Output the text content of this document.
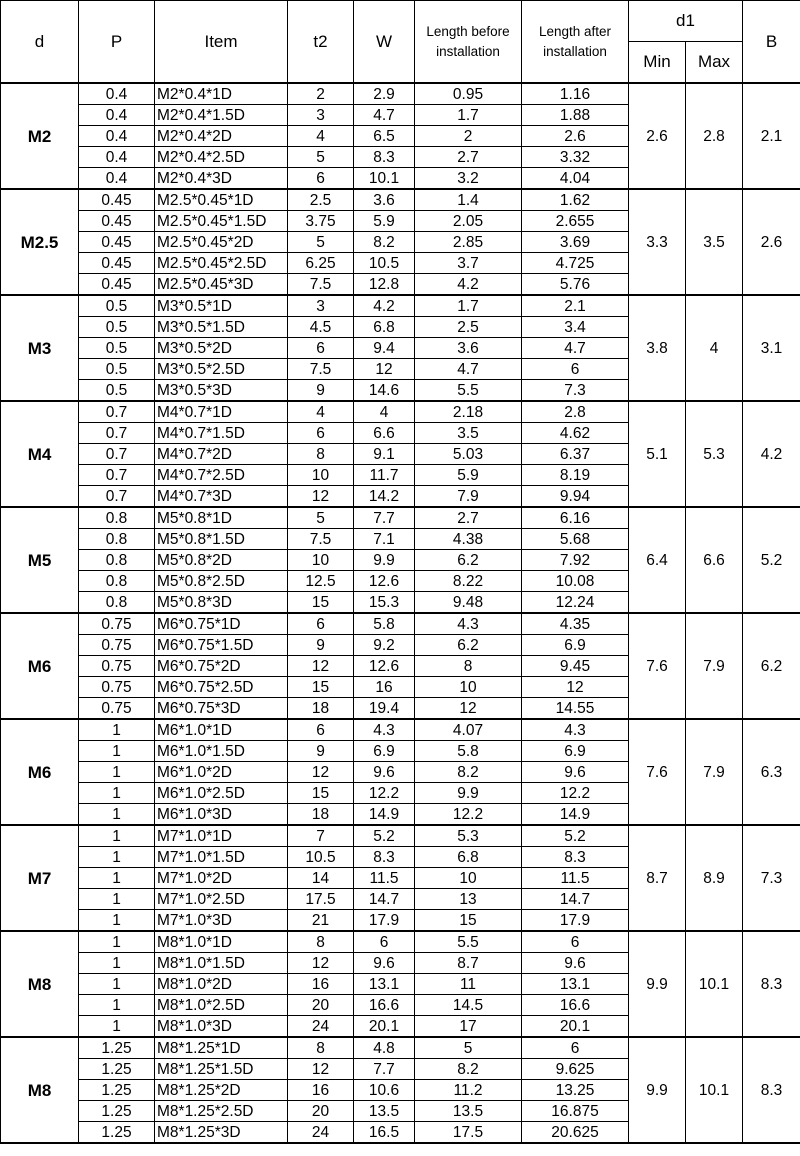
d	P	Item	t2	W	Length before installation	Length after installation	d1		B
							Min	Max	
M2	0.4	M2*0.4*1D	2	2.9	0.95	1.16	2.6	2.8	2.1
	0.4	M2*0.4*1.5D	3	4.7	1.7	1.88			
	0.4	M2*0.4*2D	4	6.5	2	2.6			
	0.4	M2*0.4*2.5D	5	8.3	2.7	3.32			
	0.4	M2*0.4*3D	6	10.1	3.2	4.04			
M2.5	0.45	M2.5*0.45*1D	2.5	3.6	1.4	1.62	3.3	3.5	2.6
	0.45	M2.5*0.45*1.5D	3.75	5.9	2.05	2.655			
	0.45	M2.5*0.45*2D	5	8.2	2.85	3.69			
	0.45	M2.5*0.45*2.5D	6.25	10.5	3.7	4.725			
	0.45	M2.5*0.45*3D	7.5	12.8	4.2	5.76			
M3	0.5	M3*0.5*1D	3	4.2	1.7	2.1	3.8	4	3.1
	0.5	M3*0.5*1.5D	4.5	6.8	2.5	3.4			
	0.5	M3*0.5*2D	6	9.4	3.6	4.7			
	0.5	M3*0.5*2.5D	7.5	12	4.7	6			
	0.5	M3*0.5*3D	9	14.6	5.5	7.3			
M4	0.7	M4*0.7*1D	4	4	2.18	2.8	5.1	5.3	4.2
	0.7	M4*0.7*1.5D	6	6.6	3.5	4.62			
	0.7	M4*0.7*2D	8	9.1	5.03	6.37			
	0.7	M4*0.7*2.5D	10	11.7	5.9	8.19			
	0.7	M4*0.7*3D	12	14.2	7.9	9.94			
M5	0.8	M5*0.8*1D	5	7.7	2.7	6.16	6.4	6.6	5.2
	0.8	M5*0.8*1.5D	7.5	7.1	4.38	5.68			
	0.8	M5*0.8*2D	10	9.9	6.2	7.92			
	0.8	M5*0.8*2.5D	12.5	12.6	8.22	10.08			
	0.8	M5*0.8*3D	15	15.3	9.48	12.24			
M6	0.75	M6*0.75*1D	6	5.8	4.3	4.35	7.6	7.9	6.2
	0.75	M6*0.75*1.5D	9	9.2	6.2	6.9			
	0.75	M6*0.75*2D	12	12.6	8	9.45			
	0.75	M6*0.75*2.5D	15	16	10	12			
	0.75	M6*0.75*3D	18	19.4	12	14.55			
M6	1	M6*1.0*1D	6	4.3	4.07	4.3	7.6	7.9	6.3
	1	M6*1.0*1.5D	9	6.9	5.8	6.9			
	1	M6*1.0*2D	12	9.6	8.2	9.6			
	1	M6*1.0*2.5D	15	12.2	9.9	12.2			
	1	M6*1.0*3D	18	14.9	12.2	14.9			
M7	1	M7*1.0*1D	7	5.2	5.3	5.2	8.7	8.9	7.3
	1	M7*1.0*1.5D	10.5	8.3	6.8	8.3			
	1	M7*1.0*2D	14	11.5	10	11.5			
	1	M7*1.0*2.5D	17.5	14.7	13	14.7			
	1	M7*1.0*3D	21	17.9	15	17.9			
M8	1	M8*1.0*1D	8	6	5.5	6	9.9	10.1	8.3
	1	M8*1.0*1.5D	12	9.6	8.7	9.6			
	1	M8*1.0*2D	16	13.1	11	13.1			
	1	M8*1.0*2.5D	20	16.6	14.5	16.6			
	1	M8*1.0*3D	24	20.1	17	20.1			
M8	1.25	M8*1.25*1D	8	4.8	5	6	9.9	10.1	8.3
	1.25	M8*1.25*1.5D	12	7.7	8.2	9.625			
	1.25	M8*1.25*2D	16	10.6	11.2	13.25			
	1.25	M8*1.25*2.5D	20	13.5	13.5	16.875			
	1.25	M8*1.25*3D	24	16.5	17.5	20.625			
